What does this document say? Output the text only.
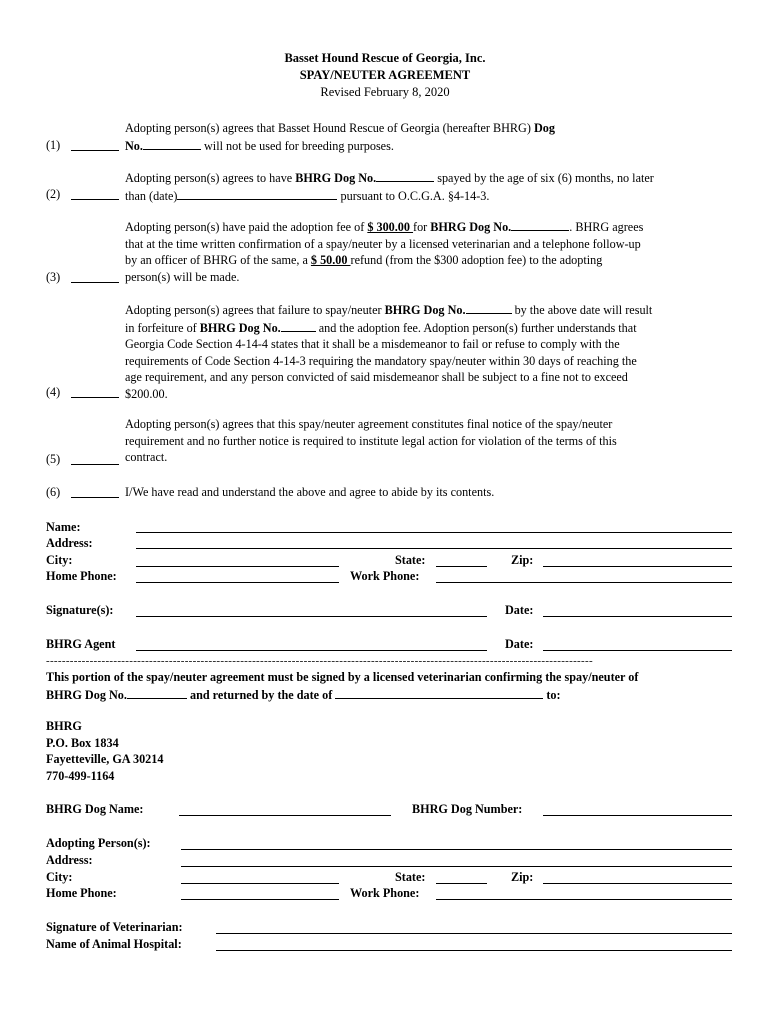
Basset Hound Rescue of Georgia, Inc.
SPAY/NEUTER AGREEMENT
Revised February 8, 2020
(1)
Adopting person(s) agrees that Basset Hound Rescue of Georgia (hereafter BHRG) Dog
No.	will not be used for breeding purposes.
(2)
Adopting person(s) agrees to have BHRG Dog No.	spayed by the age of six (6) months, no later
than (date)	pursuant to O.C.G.A. §4-14-3.
(3)
Adopting person(s) have paid the adoption fee of $ 300.00 for BHRG Dog No.	. BHRG agrees
that at the time written confirmation of a spay/neuter by a licensed veterinarian and a telephone follow-up
by an officer of BHRG of the same, a $ 50.00 refund (from the $300 adoption fee) to the adopting
person(s) will be made.
(4)
Adopting person(s) agrees that failure to spay/neuter BHRG Dog No.	by the above date will result
in forfeiture of BHRG Dog No.	and the adoption fee. Adoption person(s) further understands that
Georgia Code Section 4-14-4 states that it shall be a misdemeanor to fail or refuse to comply with the
requirements of Code Section 4-14-3 requiring the mandatory spay/neuter within 30 days of reaching the
age requirement, and any person convicted of said misdemeanor shall be subject to a fine not to exceed
$200.00.
(5)
Adopting person(s) agrees that this spay/neuter agreement constitutes final notice of the spay/neuter
requirement and no further notice is required to institute legal action for violation of the terms of this
contract.
(6)	I/We have read and understand the above and agree to abide by its contents.
Name:
Address:
City:	State:	Zip:
Home Phone:	Work Phone:
Signature(s):	Date:
BHRG Agent	Date:
------------------------------------------------------------------------------------------------------------------------------------------
This portion of the spay/neuter agreement must be signed by a licensed veterinarian confirming the spay/neuter of
BHRG Dog No.	and returned by the date of	to:
BHRG
P.O. Box 1834
Fayetteville, GA 30214
770-499-1164
BHRG Dog Name:	BHRG Dog Number:
Adopting Person(s):
Address:
City:	State:	Zip:
Home Phone:	Work Phone:
Signature of Veterinarian:
Name of Animal Hospital:
